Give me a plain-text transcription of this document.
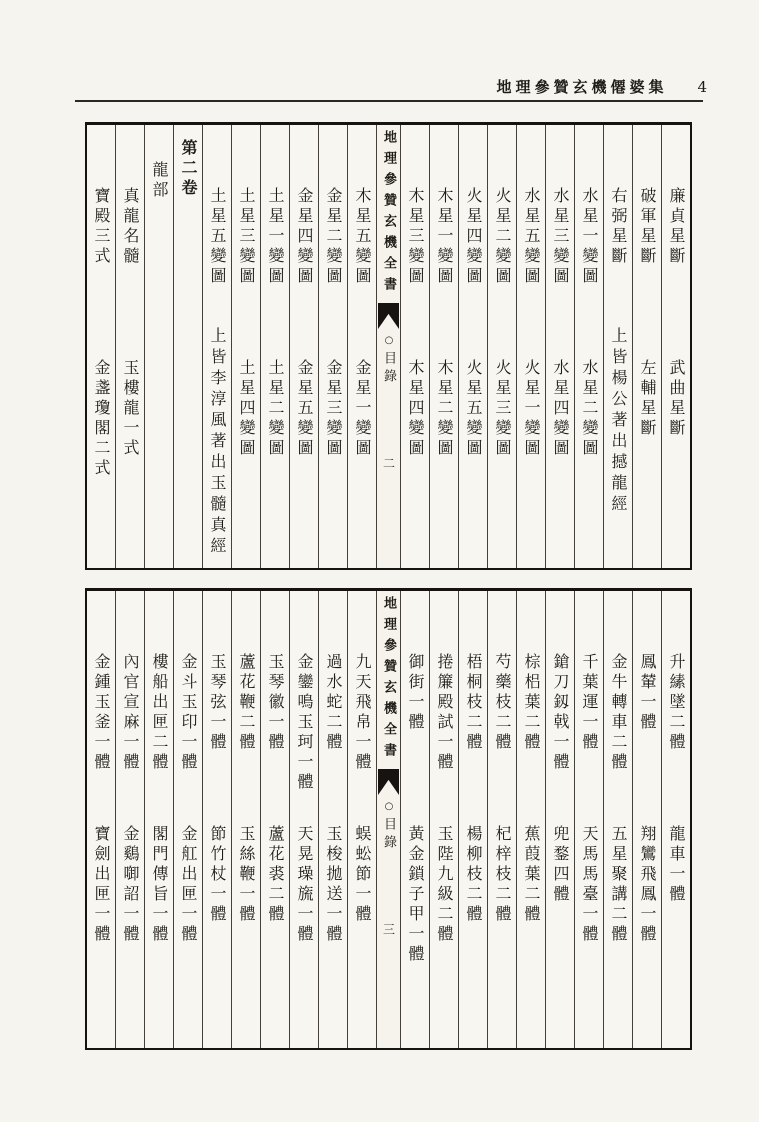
地理參贊玄機僊婆集 4
廉貞星斷
武曲星斷
破軍星斷
左輔星斷
右弼星斷
上皆楊公著出撼龍經
水星一變圖
水星二變圖
水星三變圖
水星四變圖
水星五變圖
火星一變圖
火星二變圖
火星三變圖
火星四變圖
火星五變圖
木星一變圖
木星二變圖
木星三變圖
木星四變圖
地理參贊玄機全書
○
目錄
二
木星五變圖
金星一變圖
金星二變圖
金星三變圖
金星四變圖
金星五變圖
土星一變圖
土星二變圖
土星三變圖
土星四變圖
土星五變圖
上皆李淳風著出玉髓真經
第二卷
龍部
真龍名髓
玉樓龍一式
寶殿三式
金盞瓊閣二式
升縤墜二體
龍車一體
鳳輦一體
翔鸞飛鳳一體
金牛轉車二體
五星聚講二體
千葉運一體
天馬馬臺一體
鎗刀釼戟一體
兜鍪四體
棕梠葉二體
蕉葭葉二體
芍藥枝二體
杞梓枝二體
梧桐枝二體
楊柳枝二體
捲簾殿試一體
玉陛九級二體
御街一體
黃金鎖子甲一體
地理參贊玄機全書
○
目錄
三
九天飛帛一體
蜈蚣節一體
過水蛇二體
玉梭拋送一體
金鑾鳴玉珂一體
天晃璪旒一體
玉琴徽一體
蘆花裘二體
蘆花鞭二體
玉絲鞭一體
玉琴弦一體
節竹杖一體
金斗玉印一體
金舡出匣一體
樓船出匣二體
閣門傳旨一體
內官宣麻一體
金鷄啣詔一體
金鍾玉釜一體
寶劍出匣一體
